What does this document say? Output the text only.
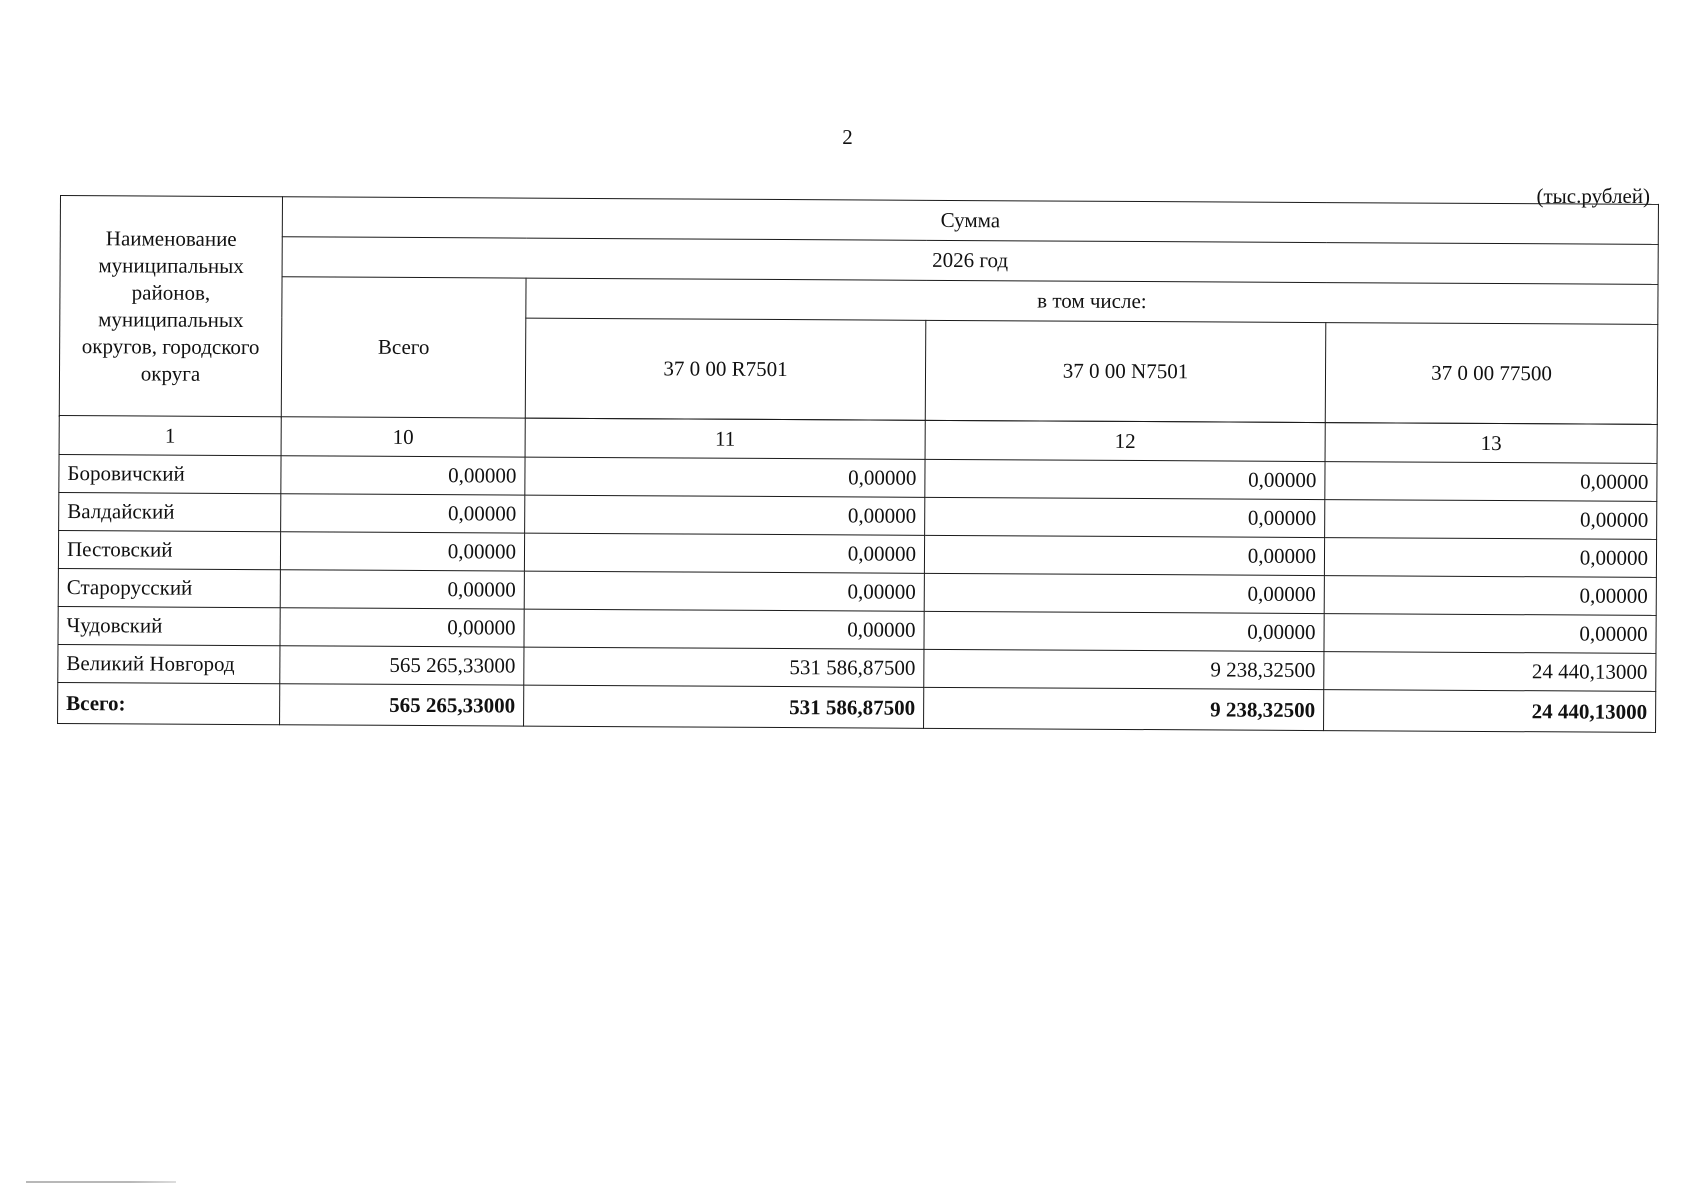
2
(тыс.рублей)
Наименование муниципальных районов, муниципальных округов, городского округа	Сумма			
	2026 год			
	Всего	в том числе:		
		37 0 00 R7501	37 0 00 N7501	37 0 00 77500

1	10	11	12	13
Боровичский	0,00000	0,00000	0,00000	0,00000
Валдайский	0,00000	0,00000	0,00000	0,00000
Пестовский	0,00000	0,00000	0,00000	0,00000
Старорусский	0,00000	0,00000	0,00000	0,00000
Чудовский	0,00000	0,00000	0,00000	0,00000
Великий Новгород	565 265,33000	531 586,87500	9 238,32500	24 440,13000
Всего:	565 265,33000	531 586,87500	9 238,32500	24 440,13000
